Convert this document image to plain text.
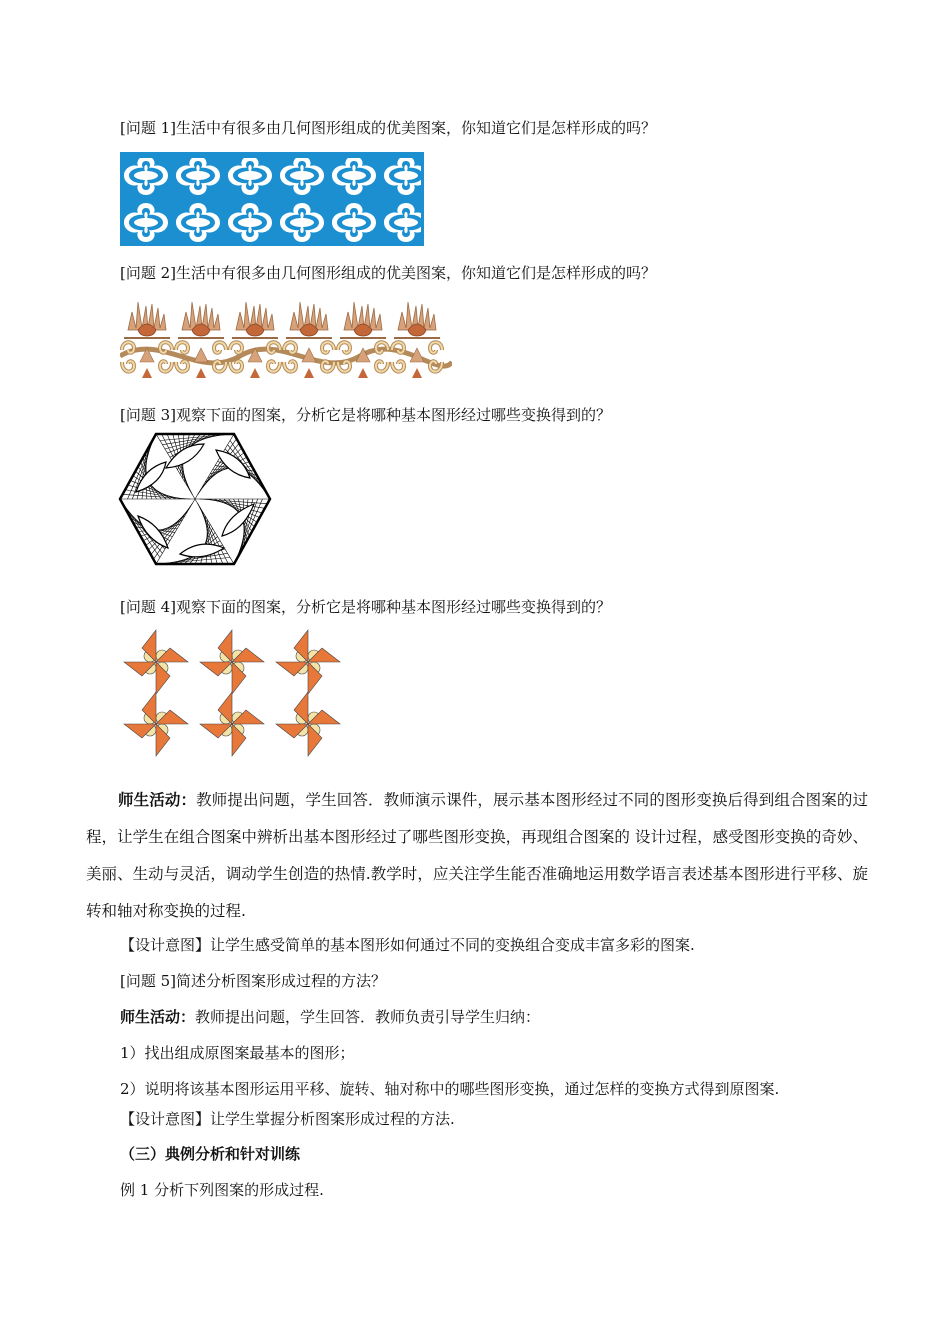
[问题 1]生活中有很多由几何图形组成的优美图案，你知道它们是怎样形成的吗？
[问题 2]生活中有很多由几何图形组成的优美图案，你知道它们是怎样形成的吗？
[问题 3]观察下面的图案，分析它是将哪种基本图形经过哪些变换得到的？
[问题 4]观察下面的图案，分析它是将哪种基本图形经过哪些变换得到的？
师生活动：教师提出问题，学生回答．教师演示课件，展示基本图形经过不同的图形变换后得到组合图案的过程，让学生在组合图案中辨析出基本图形经过了哪些图形变换，再现组合图案的 设计过程，感受图形变换的奇妙、美丽、生动与灵活，调动学生创造的热情.教学时，应关注学生能否准确地运用数学语言表述基本图形进行平移、旋转和轴对称变换的过程.
【设计意图】让学生感受简单的基本图形如何通过不同的变换组合变成丰富多彩的图案.
[问题 5]简述分析图案形成过程的方法？
师生活动：教师提出问题，学生回答．教师负责引导学生归纳：
1）找出组成原图案最基本的图形；
2）说明将该基本图形运用平移、旋转、轴对称中的哪些图形变换，通过怎样的变换方式得到原图案.
【设计意图】让学生掌握分析图案形成过程的方法.
（三）典例分析和针对训练
例 1 分析下列图案的形成过程.
